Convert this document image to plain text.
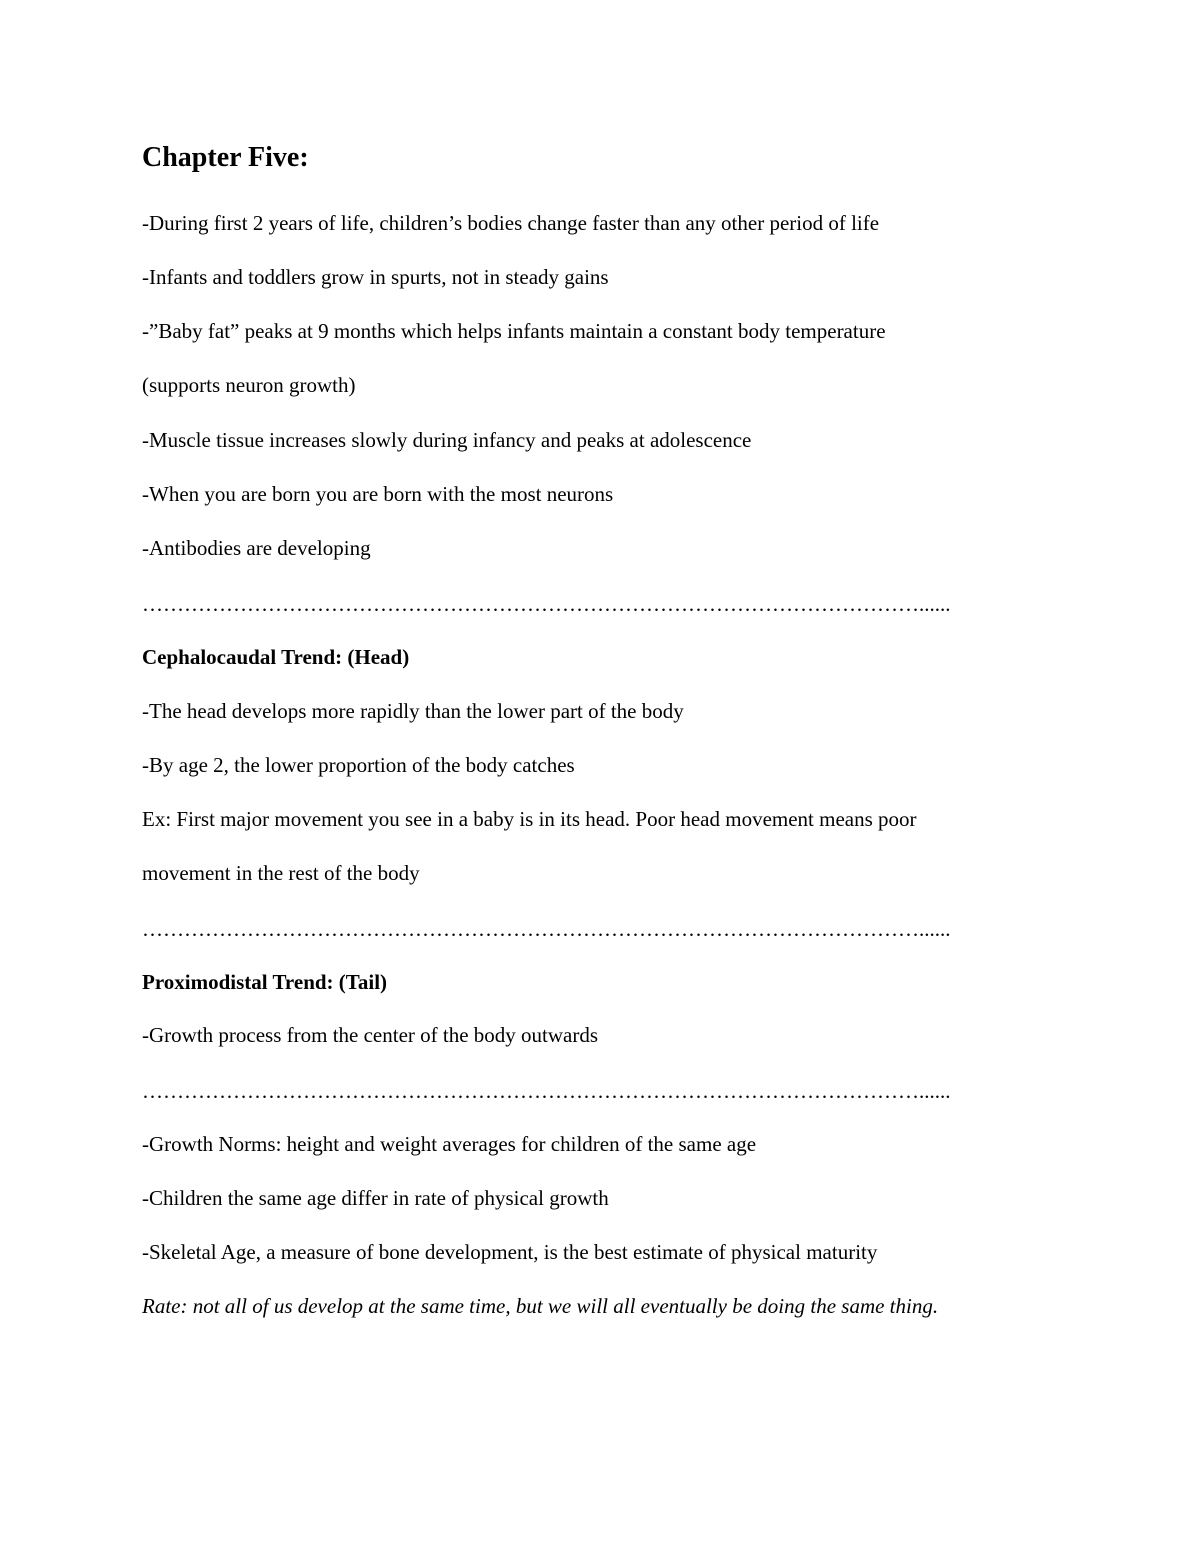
Chapter Five:
-During first 2 years of life, children’s bodies change faster than any other period of life
-Infants and toddlers grow in spurts, not in steady gains
-”Baby fat” peaks at 9 months which helps infants maintain a constant body temperature
(supports neuron growth)
-Muscle tissue increases slowly during infancy and peaks at adolescence
-When you are born you are born with the most neurons
-Antibodies are developing
…………………………………………………………………………………………………......
Cephalocaudal Trend: (Head)
-The head develops more rapidly than the lower part of the body
-By age 2, the lower proportion of the body catches
Ex: First major movement you see in a baby is in its head. Poor head movement means poor
movement in the rest of the body
…………………………………………………………………………………………………......
Proximodistal Trend: (Tail)
-Growth process from the center of the body outwards
…………………………………………………………………………………………………......
-Growth Norms: height and weight averages for children of the same age
-Children the same age differ in rate of physical growth
-Skeletal Age, a measure of bone development, is the best estimate of physical maturity
Rate: not all of us develop at the same time, but we will all eventually be doing the same thing.
